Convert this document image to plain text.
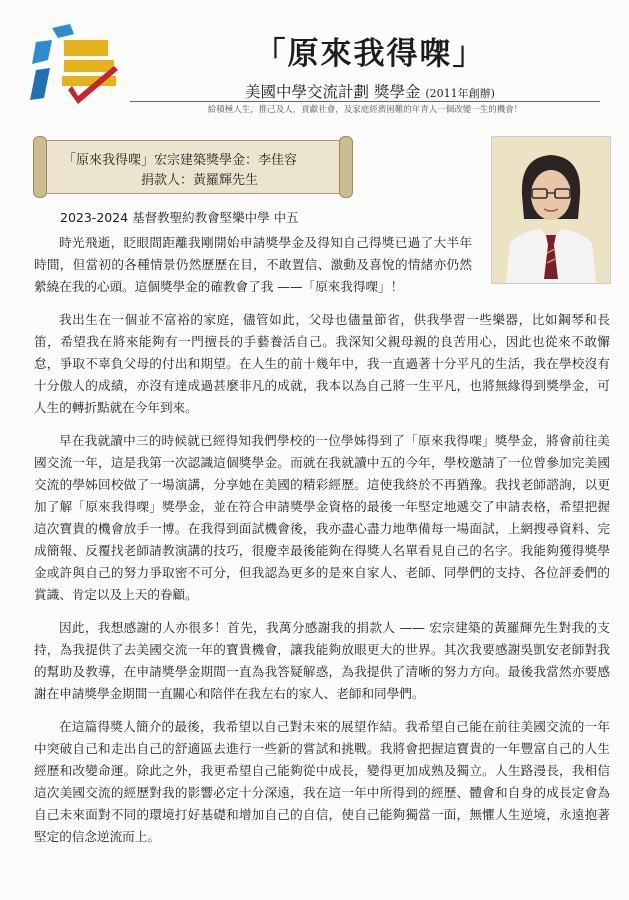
「原來我得㗎」
美國中學交流計劃 獎學金 (2011年創辦)
給積極人生，推己及人，貢獻社會，及家庭經濟困難的年青人一個改變一生的機會！
「原來我得㗎」宏宗建築獎學金：李佳容
捐款人：黃羅輝先生
2023-2024 基督教聖約教會堅樂中學 中五

時光飛逝，眨眼間距離我剛開始申請獎學金及得知自己得獎已過了大半年時間，但當初的各種情景仍然歷歷在目，不敢置信、激動及喜悅的情緒亦仍然縈繞在我的心頭。這個獎學金的確教會了我 ——「原來我得㗎」！

我出生在一個並不富裕的家庭，儘管如此，父母也儘量節省，供我學習一些樂器，比如鋼琴和長笛，希望我在將來能夠有一門擅長的手藝養活自己。我深知父親母親的良苦用心，因此也從來不敢懈怠，爭取不辜負父母的付出和期望。在人生的前十幾年中，我一直過著十分平凡的生活，我在學校沒有十分傲人的成績，亦沒有達成過甚麼非凡的成就，我本以為自己將一生平凡，也將無緣得到獎學金，可人生的轉折點就在今年到來。

早在我就讀中三的時候就已經得知我們學校的一位學姊得到了「原來我得㗎」獎學金，將會前往美國交流一年，這是我第一次認識這個獎學金。而就在我就讀中五的今年，學校邀請了一位曾參加完美國交流的學姊回校做了一場演講，分享她在美國的精彩經歷。這使我終於不再猶豫。我找老師諮詢，以更加了解「原來我得㗎」獎學金，並在符合申請獎學金資格的最後一年堅定地遞交了申請表格，希望把握這次寶貴的機會放手一博。在我得到面試機會後，我亦盡心盡力地準備每一場面試，上網搜尋資料、完成簡報、反覆找老師請教演講的技巧，很慶幸最後能夠在得獎人名單看見自己的名字。我能夠獲得獎學金或許與自己的努力爭取密不可分，但我認為更多的是來自家人、老師、同學們的支持、各位評委們的賞識、肯定以及上天的眷顧。

因此，我想感謝的人亦很多！首先，我萬分感謝我的捐款人 —— 宏宗建築的黃羅輝先生對我的支持，為我提供了去美國交流一年的寶貴機會，讓我能夠放眼更大的世界。其次我要感謝吳凱安老師對我的幫助及教導，在申請獎學金期間一直為我答疑解惑，為我提供了清晰的努力方向。最後我當然亦要感謝在申請獎學金期間一直關心和陪伴在我左右的家人、老師和同學們。

在這篇得獎人簡介的最後，我希望以自己對未來的展望作結。我希望自己能在前往美國交流的一年中突破自己和走出自己的舒適區去進行一些新的嘗試和挑戰。我將會把握這寶貴的一年豐富自己的人生經歷和改變命運。除此之外，我更希望自己能夠從中成長，變得更加成熟及獨立。人生路漫長，我相信這次美國交流的經歷對我的影響必定十分深遠，我在這一年中所得到的經歷、體會和自身的成長定會為自己未來面對不同的環境打好基礎和增加自己的自信，使自己能夠獨當一面，無懼人生逆境，永遠抱著堅定的信念逆流而上。
